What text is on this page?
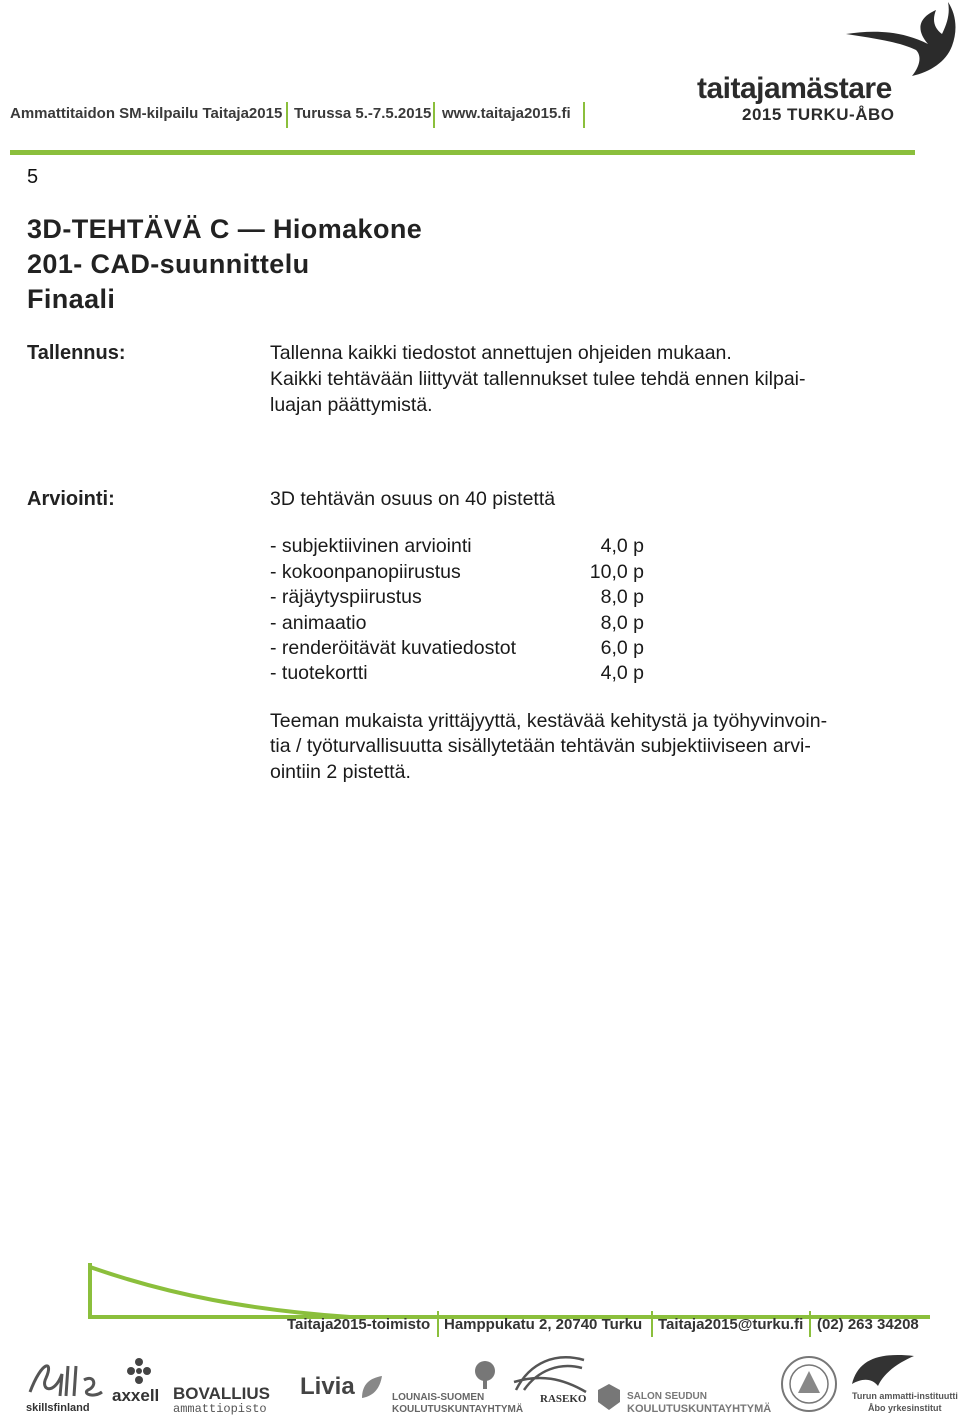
Ammattitaidon SM-kilpailu Taitaja2015 Turussa 5.-7.5.2015 www.taitaja2015.fi
taitajamästare
2015 TURKU-ÅBO
5
3D-TEHTÄVÄ C — Hiomakone
201- CAD-suunnittelu
Finaali
Tallennus:	Tallenna kaikki tiedostot annettujen ohjeiden mukaan.
Kaikki tehtävään liittyvät tallennukset tulee tehdä ennen kilpai-
luajan päättymistä.
Arviointi:	3D tehtävän osuus on 40 pistettä
- subjektiivinen arviointi	4,0 p
- kokoonpanopiirustus	10,0 p
- räjäytyspiirustus	8,0 p
- animaatio	8,0 p
- renderöitävät kuvatiedostot	6,0 p
- tuotekortti	4,0 p
Teeman mukaista yrittäjyyttä, kestävää kehitystä ja työhyvinvoin-
tia / työturvallisuutta sisällytetään tehtävän subjektiiviseen arvi-
ointiin 2 pistettä.
Taitaja2015-toimisto Hamppukatu 2, 20740 Turku Taitaja2015@turku.fi (02) 263 34208
skillsfinland
axxell BOVALLIUS
ammattiopisto
Livia	LOUNAIS-SUOMEN
KOULUTUSKUNTAYHTYMÄ
RASEKO	SALON SEUDUN
KOULUTUSKUNTAYHTYMÄ
Turun ammatti-instituutti
Åbo yrkesinstitut
